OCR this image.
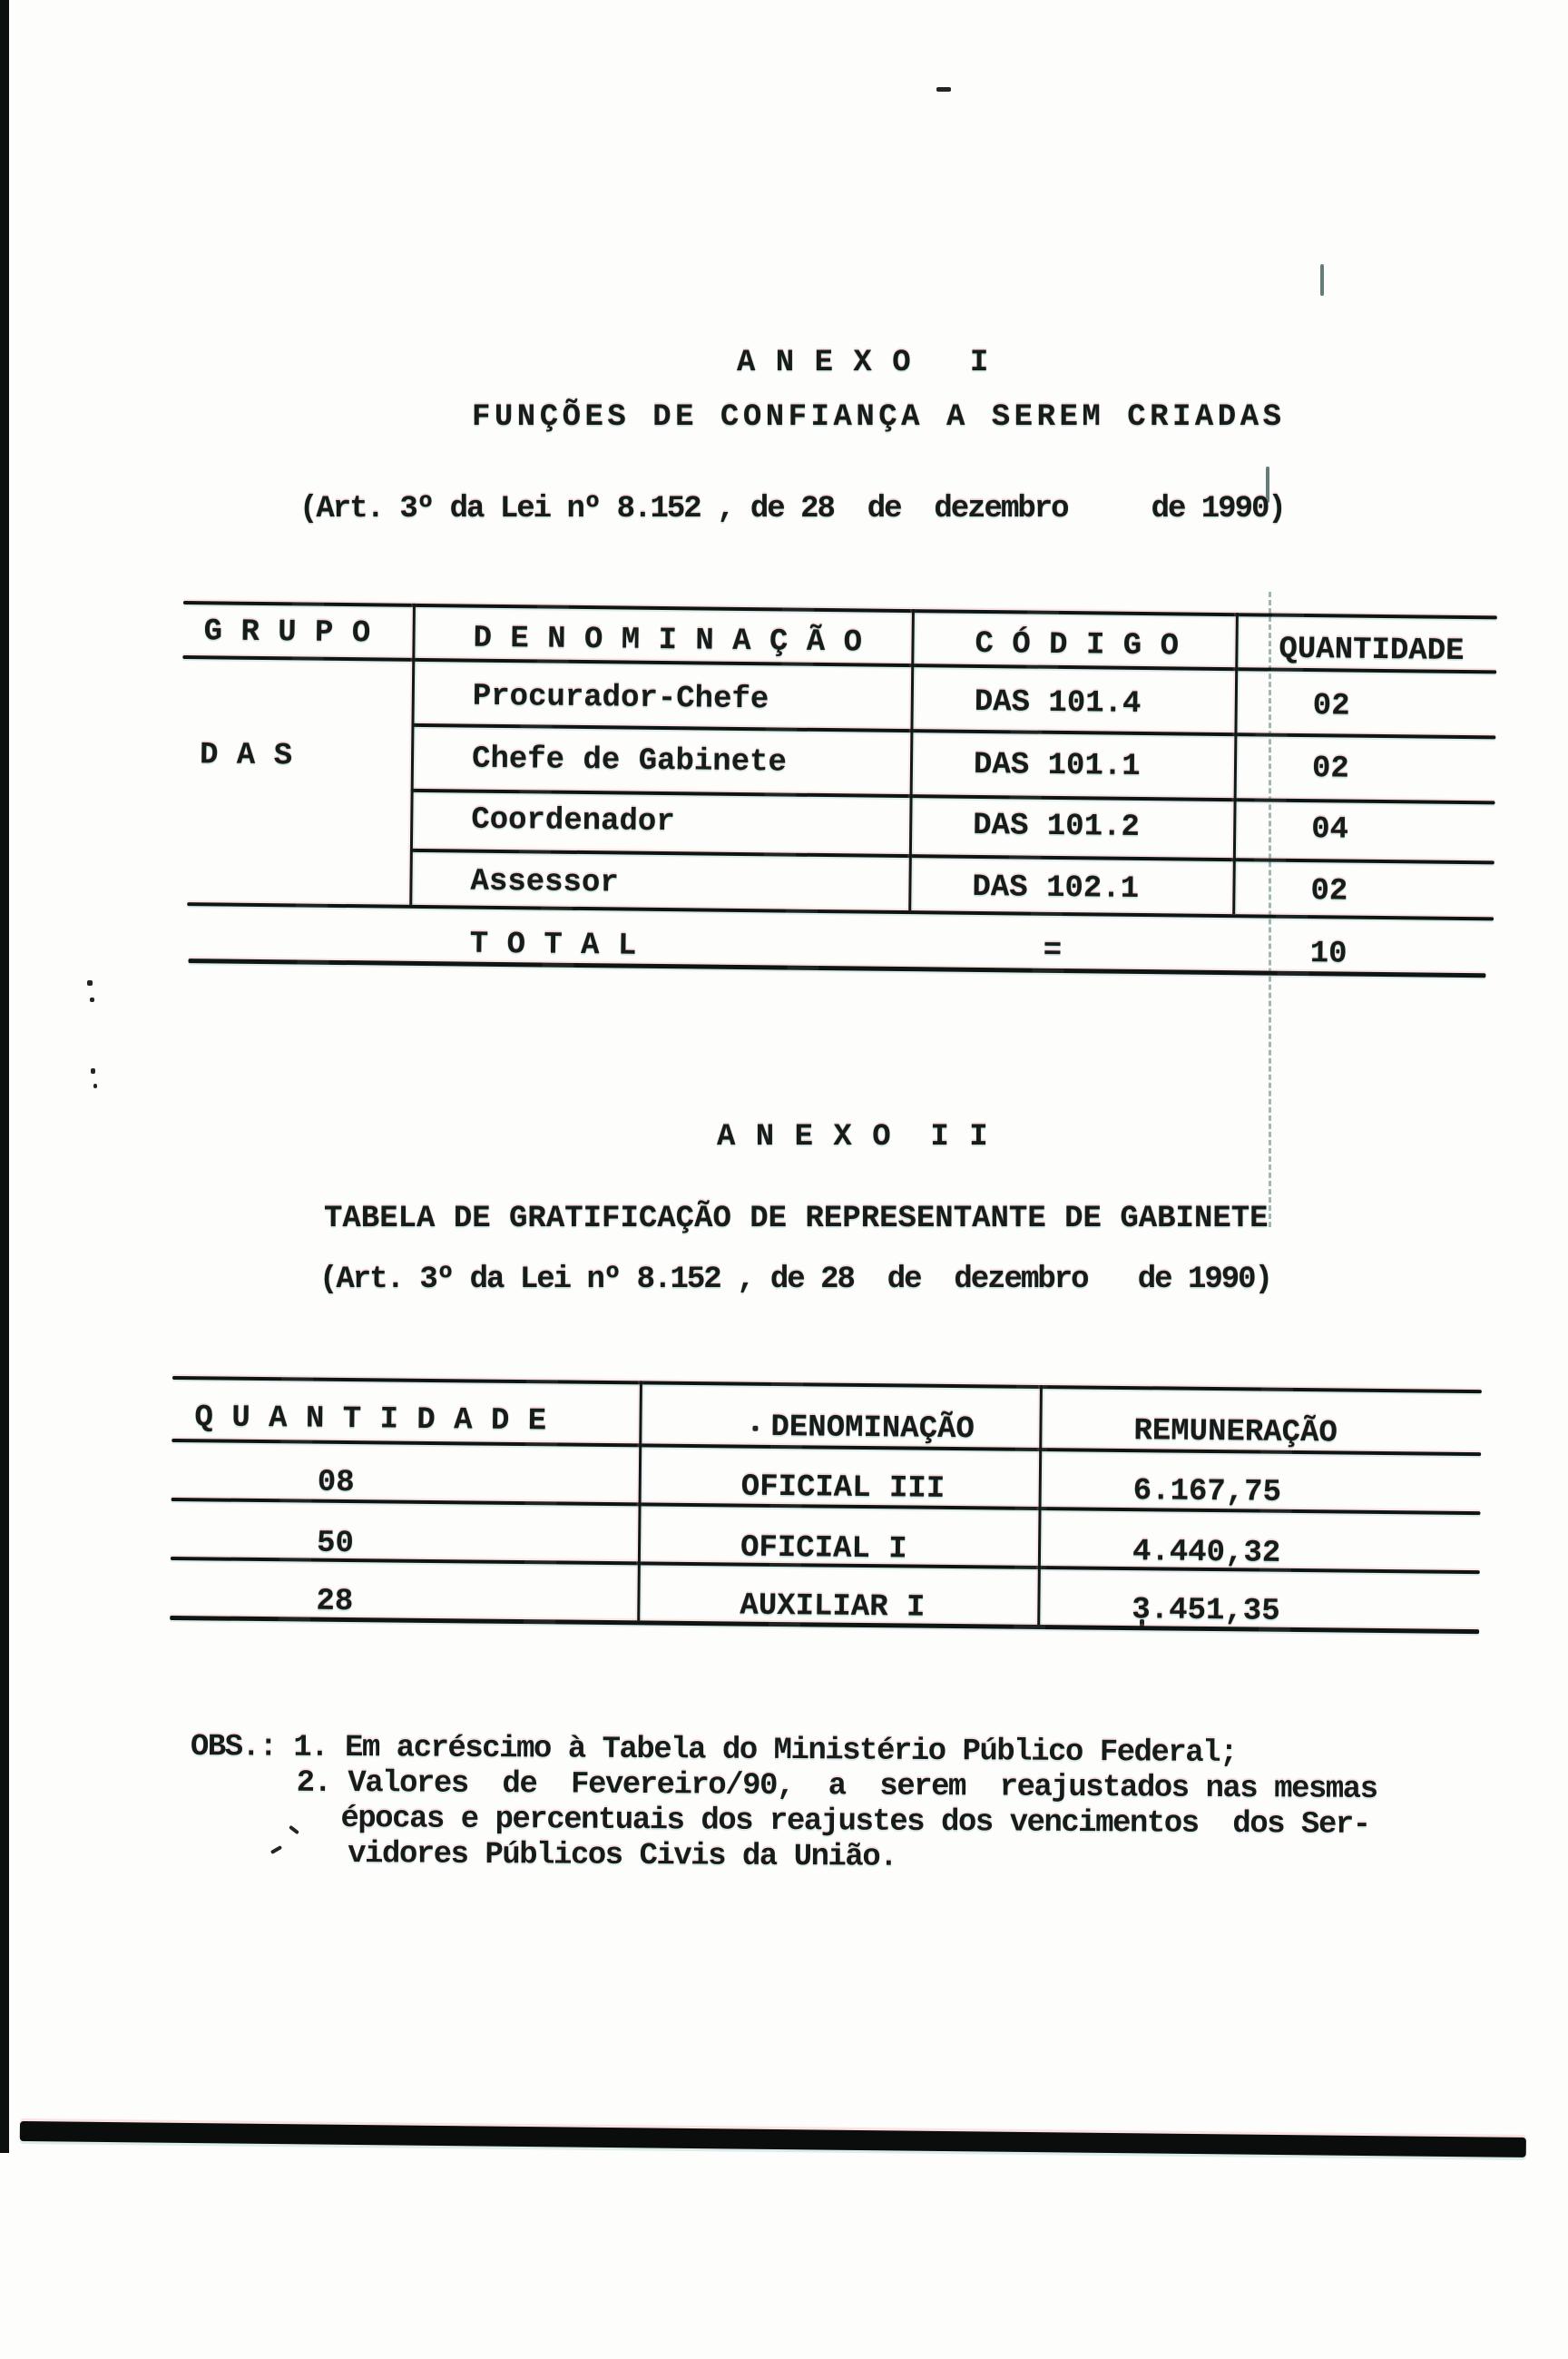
A N E X O   I
FUNÇÕES DE CONFIANÇA A SEREM CRIADAS
(Art. 3º da Lei nº 8.152 , de 28  de  dezembro     de 1990)
G R U P O	D E N O M I N A Ç Ã O	C Ó D I G O	QUANTIDADE
D A S
Procurador-Chefe	DAS 101.4	02
Chefe de Gabinete	DAS 101.1	02
Coordenador	DAS 101.2	04
Assessor	DAS 102.1	02
T O T A L	=	10
A N E X O  I I
TABELA DE GRATIFICAÇÃO DE REPRESENTANTE DE GABINETE
(Art. 3º da Lei nº 8.152 , de 28  de  dezembro   de 1990)
Q U A N T I D A D E	DENOMINAÇÃO	REMUNERAÇÃO
08	OFICIAL III	6.167,75
50	OFICIAL I	4.440,32
28	AUXILIAR I	3.451,35
OBS.: 1. Em acréscimo à Tabela do Ministério Público Federal;
2. Valores  de  Fevereiro/90,  a  serem  reajustados nas mesmas
épocas e percentuais dos reajustes dos vencimentos  dos Ser-
vidores Públicos Civis da União.
